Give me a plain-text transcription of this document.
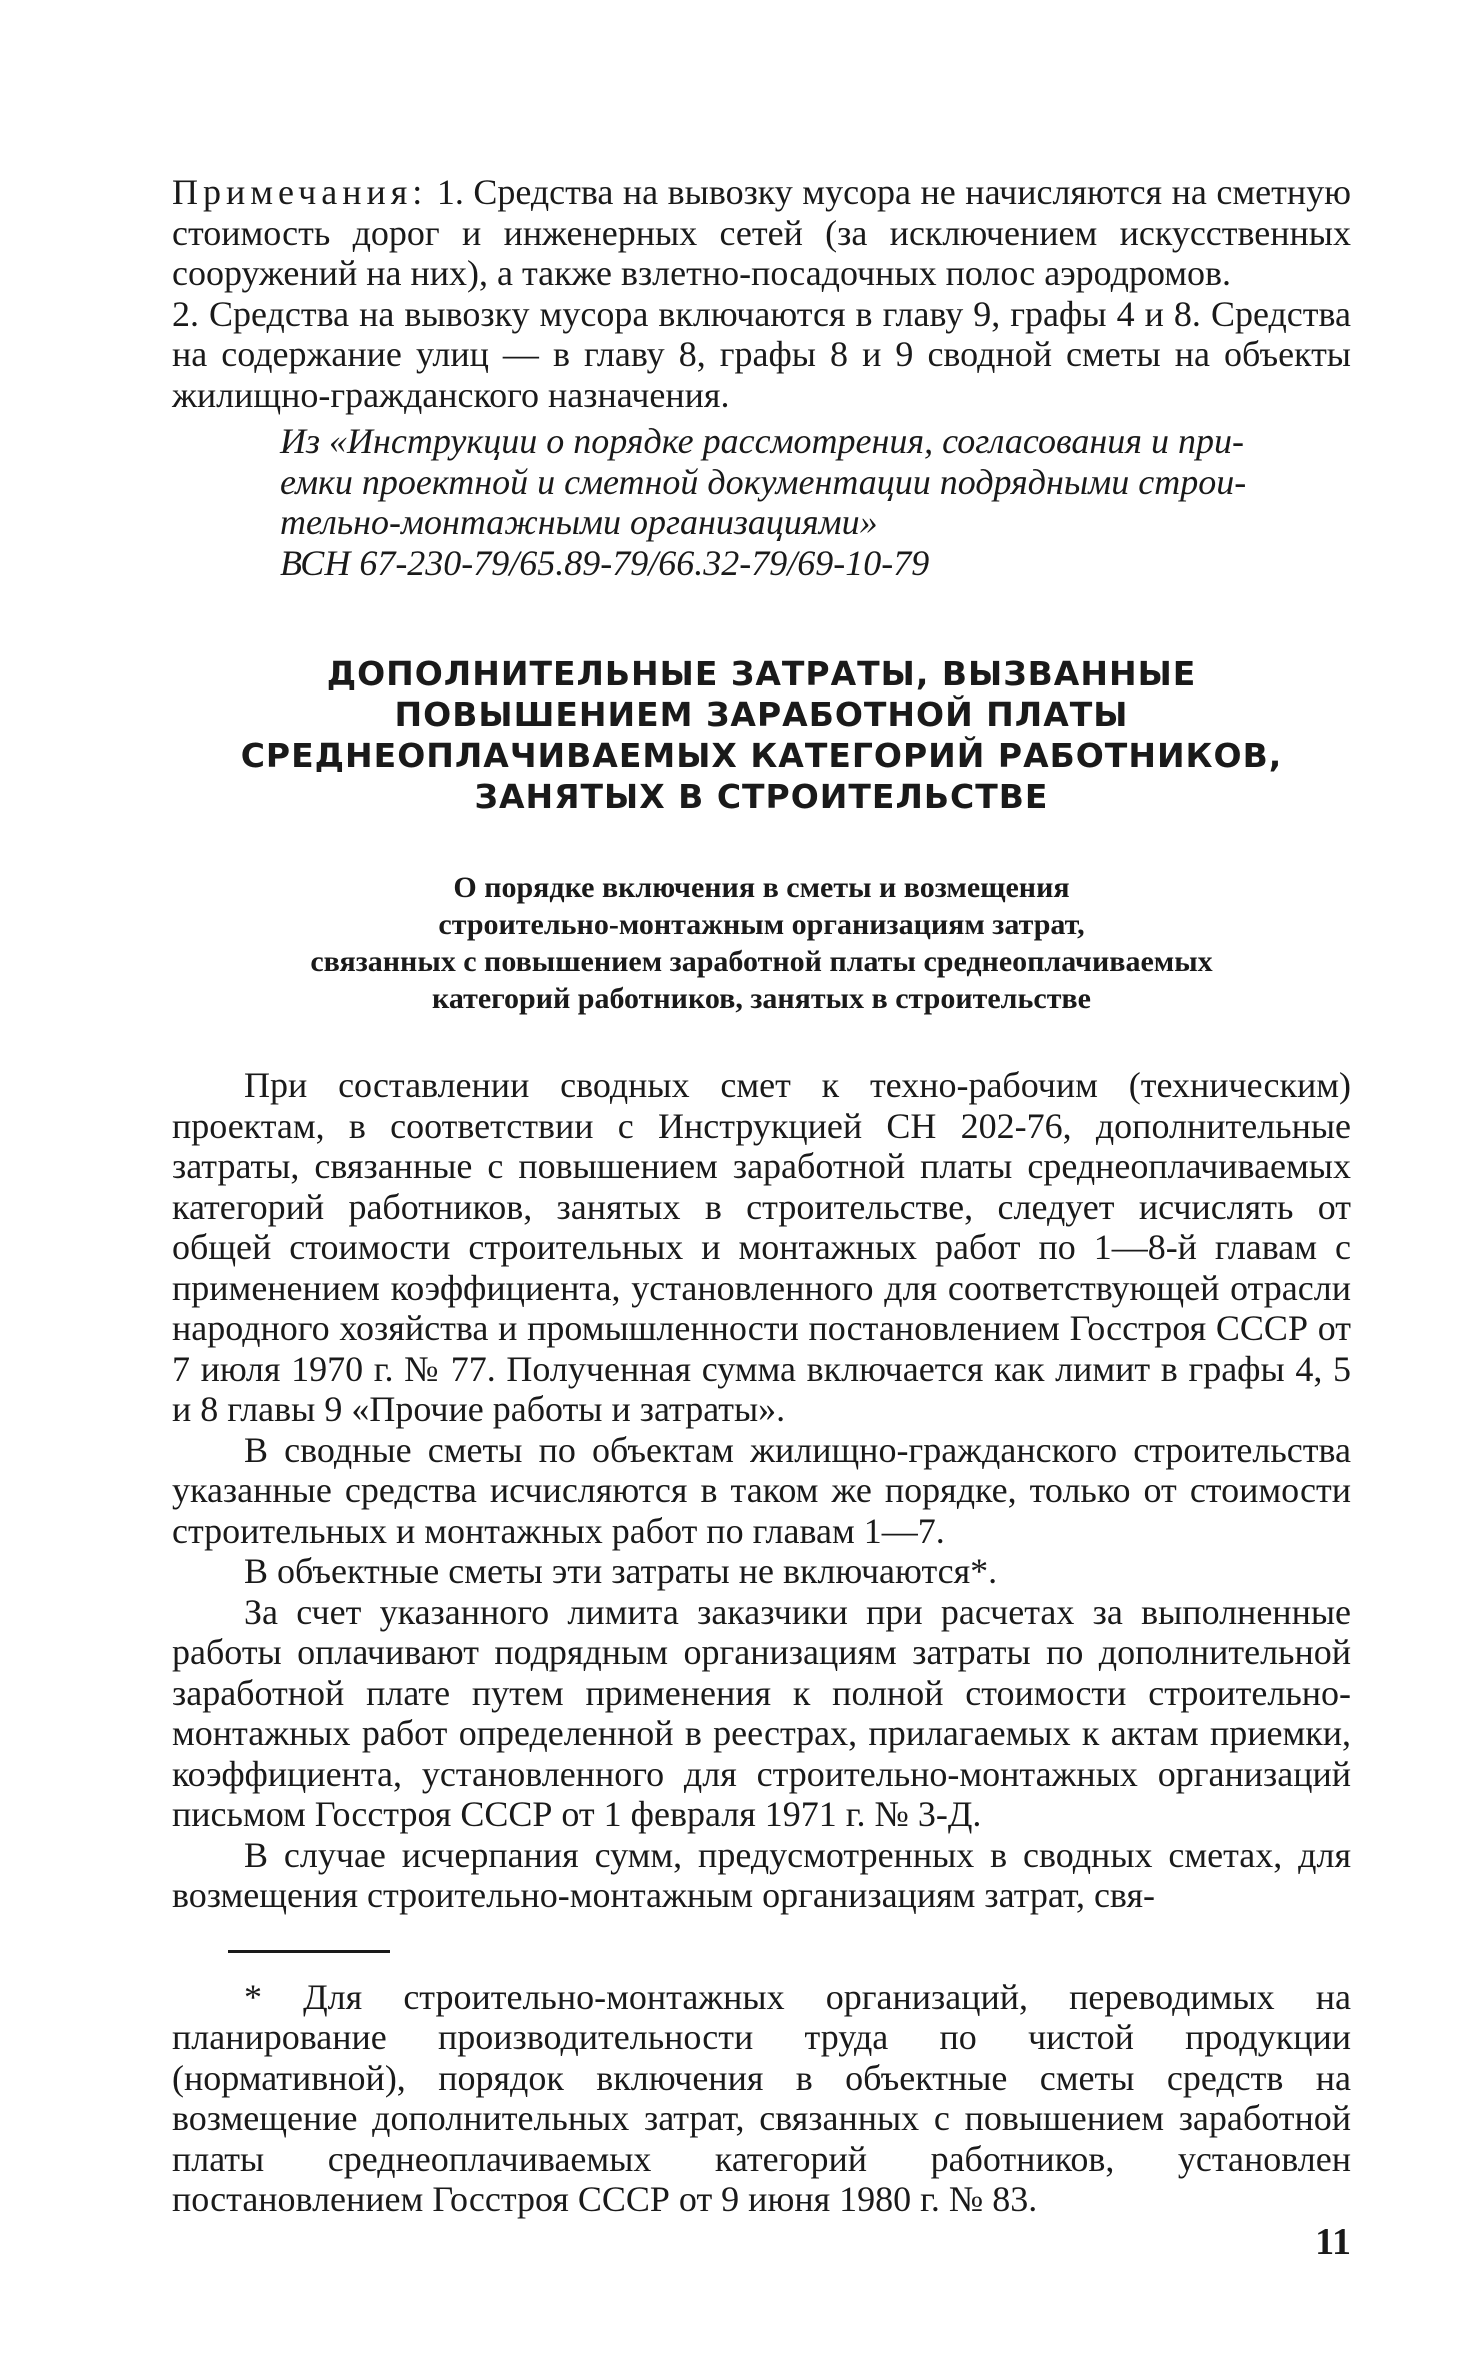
Примечания: 1. Средства на вывозку мусора не начисляются на сметную стоимость дорог и инженерных сетей (за исключением искусственных сооружений на них), а также взлетно-посадочных полос аэродромов.

2. Средства на вывозку мусора включаются в главу 9, графы 4 и 8. Средства на содержание улиц — в главу 8, графы 8 и 9 сводной сметы на объекты жилищно-гражданского назначения.

Из «Инструкции о порядке рассмотрения, согласования и при-
емки проектной и сметной документации подрядными строи-
тельно-монтажными организациями»
ВСН 67-230-79/65.89-79/66.32-79/69-10-79
ДОПОЛНИТЕЛЬНЫЕ ЗАТРАТЫ, ВЫЗВАННЫЕ
ПОВЫШЕНИЕМ ЗАРАБОТНОЙ ПЛАТЫ
СРЕДНЕОПЛАЧИВАЕМЫХ КАТЕГОРИЙ РАБОТНИКОВ,
ЗАНЯТЫХ В СТРОИТЕЛЬСТВЕ
О порядке включения в сметы и возмещения
строительно-монтажным организациям затрат,
связанных с повышением заработной платы среднеоплачиваемых
категорий работников, занятых в строительстве

При составлении сводных смет к техно-рабочим (техническим) проектам, в соответствии с Инструкцией СН 202-76, дополнительные затраты, связанные с повышением заработной платы среднеоплачиваемых категорий работников, занятых в строительстве, следует исчислять от общей стоимости строительных и монтажных работ по 1—8-й главам с применением коэффициента, установленного для соответствующей отрасли народного хозяйства и промышленности постановлением Госстроя СССР от 7 июля 1970 г. № 77. Полученная сумма включается как лимит в графы 4, 5 и 8 главы 9 «Прочие работы и затраты».

В сводные сметы по объектам жилищно-гражданского строительства указанные средства исчисляются в таком же порядке, только от стоимости строительных и монтажных работ по главам 1—7.

В объектные сметы эти затраты не включаются*.

За счет указанного лимита заказчики при расчетах за выполненные работы оплачивают подрядным организациям затраты по дополнительной заработной плате путем применения к полной стоимости строительно-монтажных работ определенной в реестрах, прилагаемых к актам приемки, коэффициента, установленного для строительно-монтажных организаций письмом Госстроя СССР от 1 февраля 1971 г. № 3-Д.

В случае исчерпания сумм, предусмотренных в сводных сметах, для возмещения строительно-монтажным организациям затрат, свя-

* Для строительно-монтажных организаций, переводимых на планирование производительности труда по чистой продукции (нормативной), порядок включения в объектные сметы средств на возмещение дополнительных затрат, связанных с повышением заработной платы среднеоплачиваемых категорий работников, установлен постановлением Госстроя СССР от 9 июня 1980 г. № 83.

11
